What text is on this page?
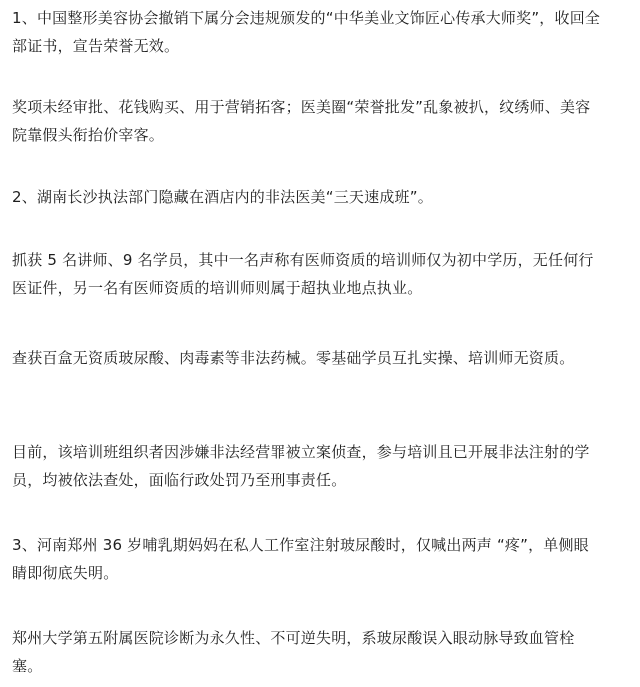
1、中国整形美容协会撤销下属分会违规颁发的“中华美业文饰匠心传承大师奖”，收回全部证书，宣告荣誉无效。

奖项未经审批、花钱购买、用于营销拓客；医美圈“荣誉批发”乱象被扒，纹绣师、美容院靠假头衔抬价宰客。

2、湖南长沙执法部门隐藏在酒店内的非法医美“三天速成班”。

抓获 5 名讲师、9 名学员，其中一名声称有医师资质的培训师仅为初中学历，无任何行医证件，另一名有医师资质的培训师则属于超执业地点执业。

查获百盒无资质玻尿酸、肉毒素等非法药械。零基础学员互扎实操、培训师无资质。

目前，该培训班组织者因涉嫌非法经营罪被立案侦查，参与培训且已开展非法注射的学员，均被依法查处，面临行政处罚乃至刑事责任。

3、河南郑州 36 岁哺乳期妈妈在私人工作室注射玻尿酸时，仅喊出两声 “疼”，单侧眼睛即彻底失明。

郑州大学第五附属医院诊断为永久性、不可逆失明，系玻尿酸误入眼动脉导致血管栓塞。
